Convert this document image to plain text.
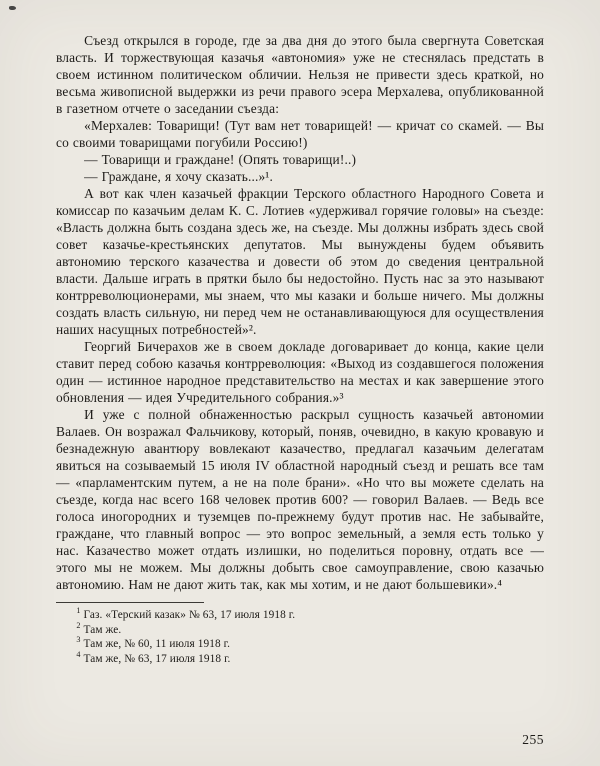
Съезд открылся в городе, где за два дня до этого была свергнута Советская власть. И торжествующая казачья «автономия» уже не стеснялась предстать в своем истинном политическом обличии. Нельзя не привести здесь краткой, но весьма живописной выдержки из речи правого эсера Мерхалева, опубликованной в газетном отчете о заседании съезда:

«Мерхалев: Товарищи! (Тут вам нет товарищей! — кричат со скамей. — Вы со своими товарищами погубили Россию!)

— Товарищи и граждане! (Опять товарищи!..)

— Граждане, я хочу сказать...»¹.

А вот как член казачьей фракции Терского областного Народного Совета и комиссар по казачьим делам К. С. Лотиев «удерживал горячие головы» на съезде: «Власть должна быть создана здесь же, на съезде. Мы должны избрать здесь свой совет казачье-крестьянских депутатов. Мы вынуждены будем объявить автономию терского казачества и довести об этом до сведения центральной власти. Дальше играть в прятки было бы недостойно. Пусть нас за это называют контрреволюционерами, мы знаем, что мы казаки и больше ничего. Мы должны создать власть сильную, ни перед чем не останавливающуюся для осуществления наших насущных потребностей»².

Георгий Бичерахов же в своем докладе договаривает до конца, какие цели ставит перед собою казачья контрреволюция: «Выход из создавшегося положения один — истинное народное представительство на местах и как завершение этого обновления — идея Учредительного собрания.»³

И уже с полной обнаженностью раскрыл сущность казачьей автономии Валаев. Он возражал Фальчикову, который, поняв, очевидно, в какую кровавую и безнадежную авантюру вовлекают казачество, предлагал казачьим делегатам явиться на созываемый 15 июля IV областной народный съезд и решать все там — «парламентским путем, а не на поле брани». «Но что вы можете сделать на съезде, когда нас всего 168 человек против 600? — говорил Валаев. — Ведь все голоса иногородних и туземцев по-прежнему будут против нас. Не забывайте, граждане, что главный вопрос — это вопрос земельный, а земля есть только у нас. Казачество может отдать излишки, но поделиться поровну, отдать все — этого мы не можем. Мы должны добыть свое самоуправление, свою казачью автономию. Нам не дают жить так, как мы хотим, и не дают большевики».⁴

$^1$ Газ. «Терский казак» № 63, 17 июля 1918 г.

$^2$ Там же.

$^3$ Там же, № 60, 11 июля 1918 г.

$^4$ Там же, № 63, 17 июля 1918 г.

255
